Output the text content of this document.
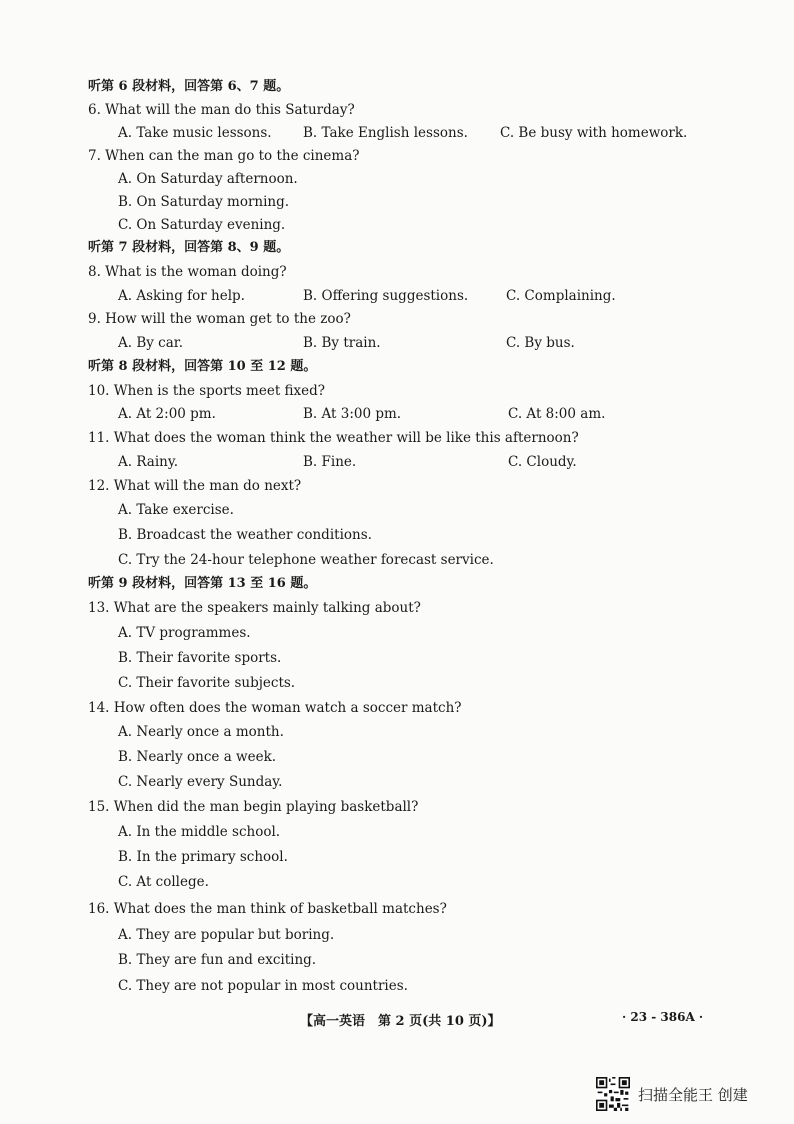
听第 6 段材料，回答第 6、7 题。
6. What will the man do this Saturday?
A. Take music lessons. B. Take English lessons. C. Be busy with homework.
7. When can the man go to the cinema?
A. On Saturday afternoon.
B. On Saturday morning.
C. On Saturday evening.
听第 7 段材料，回答第 8、9 题。
8. What is the woman doing?
A. Asking for help.	B. Offering suggestions.	C. Complaining.
9. How will the woman get to the zoo?
A. By car.	B. By train.	C. By bus.
听第 8 段材料，回答第 10 至 12 题。
10. When is the sports meet fixed?
A. At 2:00 pm.	B. At 3:00 pm.	C. At 8:00 am.
11. What does the woman think the weather will be like this afternoon?
A. Rainy.	B. Fine.	C. Cloudy.
12. What will the man do next?
A. Take exercise.
B. Broadcast the weather conditions.
C. Try the 24-hour telephone weather forecast service.
听第 9 段材料，回答第 13 至 16 题。
13. What are the speakers mainly talking about?
A. TV programmes.
B. Their favorite sports.
C. Their favorite subjects.
14. How often does the woman watch a soccer match?
A. Nearly once a month.
B. Nearly once a week.
C. Nearly every Sunday.
15. When did the man begin playing basketball?
A. In the middle school.
B. In the primary school.
C. At college.
16. What does the man think of basketball matches?
A. They are popular but boring.
B. They are fun and exciting.
C. They are not popular in most countries.
【高一英语　第 2 页(共 10 页)】	· 23 - 386A ·
扫描全能王 创建
